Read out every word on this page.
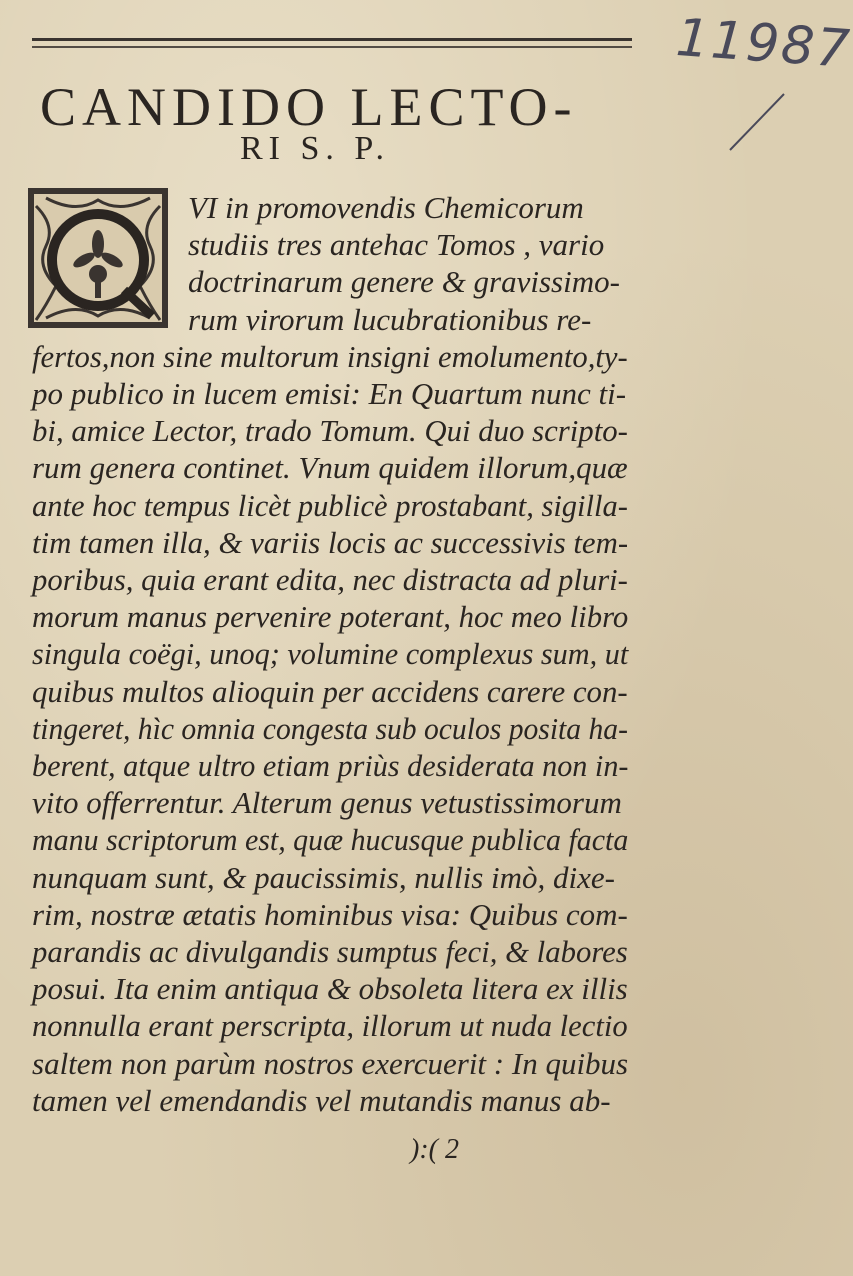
11987
CANDIDO LECTO-
RI S. P.

VI in promovendis Chemicorum

studiis tres antehac Tomos , vario

doctrinarum genere & gravissimo-

rum virorum lucubrationibus re-

fertos,non sine multorum insigni emolumento,ty-

po publico in lucem emisi: En Quartum nunc ti-

bi, amice Lector, trado Tomum. Qui duo scripto-

rum genera continet. Vnum quidem illorum,quæ

ante hoc tempus licèt publicè prostabant, sigilla-

tim tamen illa, & variis locis ac successivis tem-

poribus, quia erant edita, nec distracta ad pluri-

morum manus pervenire poterant, hoc meo libro

singula coëgi, unoq; volumine complexus sum, ut

quibus multos alioquin per accidens carere con-

tingeret, hìc omnia congesta sub oculos posita ha-

berent, atque ultro etiam priùs desiderata non in-

vito offerrentur. Alterum genus vetustissimorum

manu scriptorum est, quæ hucusque publica facta

nunquam sunt, & paucissimis, nullis imò, dixe-

rim, nostræ ætatis hominibus visa: Quibus com-

parandis ac divulgandis sumptus feci, & labores

posui. Ita enim antiqua & obsoleta litera ex illis

nonnulla erant perscripta, illorum ut nuda lectio

saltem non parùm nostros exercuerit : In quibus

tamen vel emendandis vel mutandis manus ab-

):( 2
